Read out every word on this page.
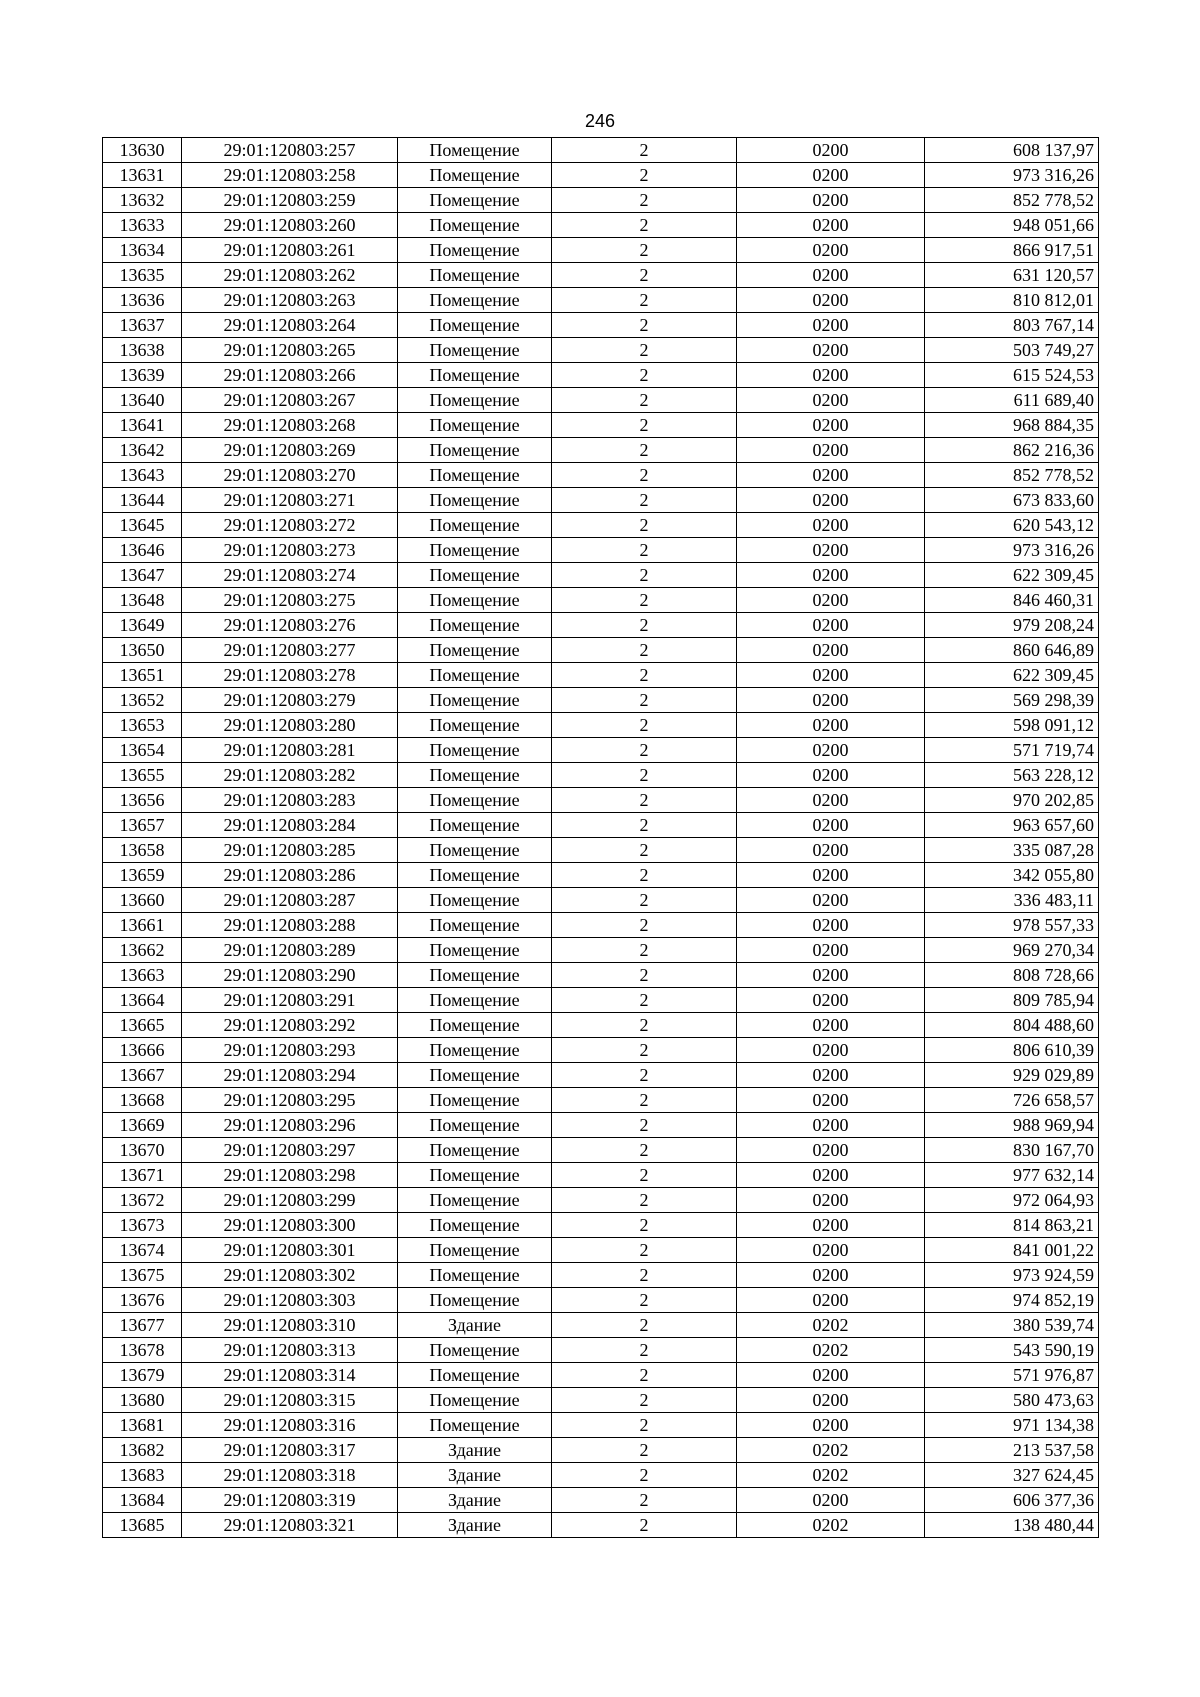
246
13630	29:01:120803:257	Помещение	2	0200	608 137,97
13631	29:01:120803:258	Помещение	2	0200	973 316,26
13632	29:01:120803:259	Помещение	2	0200	852 778,52
13633	29:01:120803:260	Помещение	2	0200	948 051,66
13634	29:01:120803:261	Помещение	2	0200	866 917,51
13635	29:01:120803:262	Помещение	2	0200	631 120,57
13636	29:01:120803:263	Помещение	2	0200	810 812,01
13637	29:01:120803:264	Помещение	2	0200	803 767,14
13638	29:01:120803:265	Помещение	2	0200	503 749,27
13639	29:01:120803:266	Помещение	2	0200	615 524,53
13640	29:01:120803:267	Помещение	2	0200	611 689,40
13641	29:01:120803:268	Помещение	2	0200	968 884,35
13642	29:01:120803:269	Помещение	2	0200	862 216,36
13643	29:01:120803:270	Помещение	2	0200	852 778,52
13644	29:01:120803:271	Помещение	2	0200	673 833,60
13645	29:01:120803:272	Помещение	2	0200	620 543,12
13646	29:01:120803:273	Помещение	2	0200	973 316,26
13647	29:01:120803:274	Помещение	2	0200	622 309,45
13648	29:01:120803:275	Помещение	2	0200	846 460,31
13649	29:01:120803:276	Помещение	2	0200	979 208,24
13650	29:01:120803:277	Помещение	2	0200	860 646,89
13651	29:01:120803:278	Помещение	2	0200	622 309,45
13652	29:01:120803:279	Помещение	2	0200	569 298,39
13653	29:01:120803:280	Помещение	2	0200	598 091,12
13654	29:01:120803:281	Помещение	2	0200	571 719,74
13655	29:01:120803:282	Помещение	2	0200	563 228,12
13656	29:01:120803:283	Помещение	2	0200	970 202,85
13657	29:01:120803:284	Помещение	2	0200	963 657,60
13658	29:01:120803:285	Помещение	2	0200	335 087,28
13659	29:01:120803:286	Помещение	2	0200	342 055,80
13660	29:01:120803:287	Помещение	2	0200	336 483,11
13661	29:01:120803:288	Помещение	2	0200	978 557,33
13662	29:01:120803:289	Помещение	2	0200	969 270,34
13663	29:01:120803:290	Помещение	2	0200	808 728,66
13664	29:01:120803:291	Помещение	2	0200	809 785,94
13665	29:01:120803:292	Помещение	2	0200	804 488,60
13666	29:01:120803:293	Помещение	2	0200	806 610,39
13667	29:01:120803:294	Помещение	2	0200	929 029,89
13668	29:01:120803:295	Помещение	2	0200	726 658,57
13669	29:01:120803:296	Помещение	2	0200	988 969,94
13670	29:01:120803:297	Помещение	2	0200	830 167,70
13671	29:01:120803:298	Помещение	2	0200	977 632,14
13672	29:01:120803:299	Помещение	2	0200	972 064,93
13673	29:01:120803:300	Помещение	2	0200	814 863,21
13674	29:01:120803:301	Помещение	2	0200	841 001,22
13675	29:01:120803:302	Помещение	2	0200	973 924,59
13676	29:01:120803:303	Помещение	2	0200	974 852,19
13677	29:01:120803:310	Здание	2	0202	380 539,74
13678	29:01:120803:313	Помещение	2	0202	543 590,19
13679	29:01:120803:314	Помещение	2	0200	571 976,87
13680	29:01:120803:315	Помещение	2	0200	580 473,63
13681	29:01:120803:316	Помещение	2	0200	971 134,38
13682	29:01:120803:317	Здание	2	0202	213 537,58
13683	29:01:120803:318	Здание	2	0202	327 624,45
13684	29:01:120803:319	Здание	2	0200	606 377,36
13685	29:01:120803:321	Здание	2	0202	138 480,44
